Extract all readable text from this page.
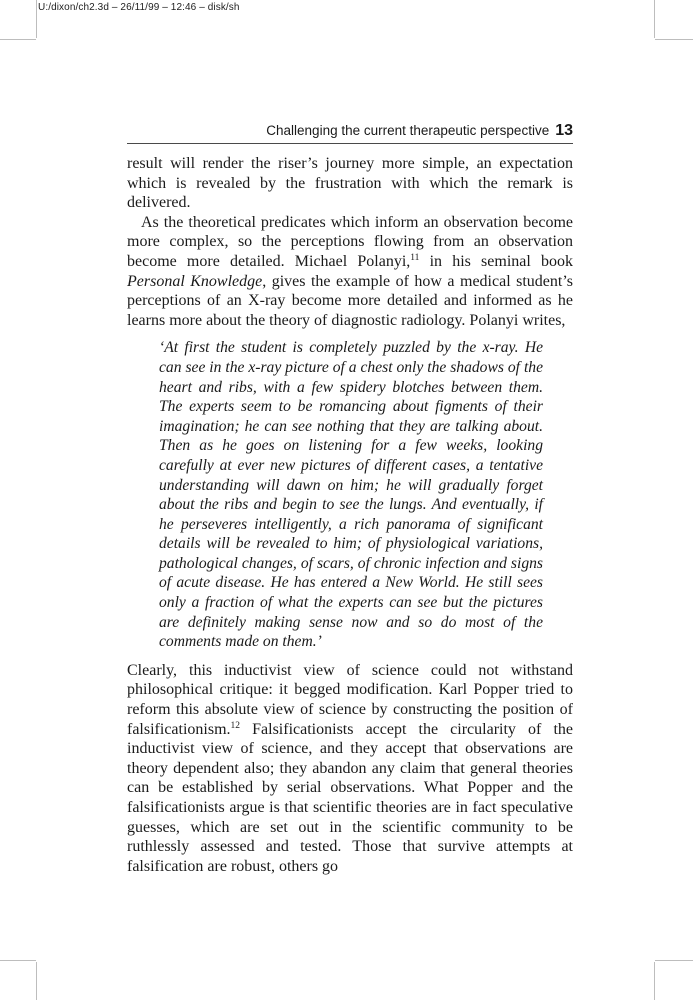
U:/dixon/ch2.3d – 26/11/99 – 12:46 – disk/sh
Challenging the current therapeutic perspective 13

result will render the riser’s journey more simple, an expectation which is revealed by the frustration with which the remark is delivered.

As the theoretical predicates which inform an observation become more complex, so the perceptions flowing from an observation become more detailed. Michael Polanyi,$^{11}$ in his seminal book Personal Knowledge, gives the example of how a medical student’s perceptions of an X-ray become more detailed and informed as he learns more about the theory of diagnostic radiology. Polanyi writes,

‘At first the student is completely puzzled by the x-ray. He can see in the x-ray picture of a chest only the shadows of the heart and ribs, with a few spidery blotches between them. The experts seem to be romancing about figments of their imagination; he can see nothing that they are talking about. Then as he goes on listening for a few weeks, looking carefully at ever new pictures of different cases, a tentative understanding will dawn on him; he will gradually forget about the ribs and begin to see the lungs. And eventually, if he perseveres intelligently, a rich panorama of significant details will be revealed to him; of physiological variations, pathological changes, of scars, of chronic infection and signs of acute disease. He has entered a New World. He still sees only a fraction of what the experts can see but the pictures are definitely making sense now and so do most of the comments made on them.’

Clearly, this inductivist view of science could not withstand philosophical critique: it begged modification. Karl Popper tried to reform this absolute view of science by constructing the position of falsificationism.$^{12}$ Falsificationists accept the circularity of the inductivist view of science, and they accept that observations are theory dependent also; they abandon any claim that general theories can be established by serial observations. What Popper and the falsificationists argue is that scientific theories are in fact speculative guesses, which are set out in the scientific community to be ruthlessly assessed and tested. Those that survive attempts at falsification are robust, others go
